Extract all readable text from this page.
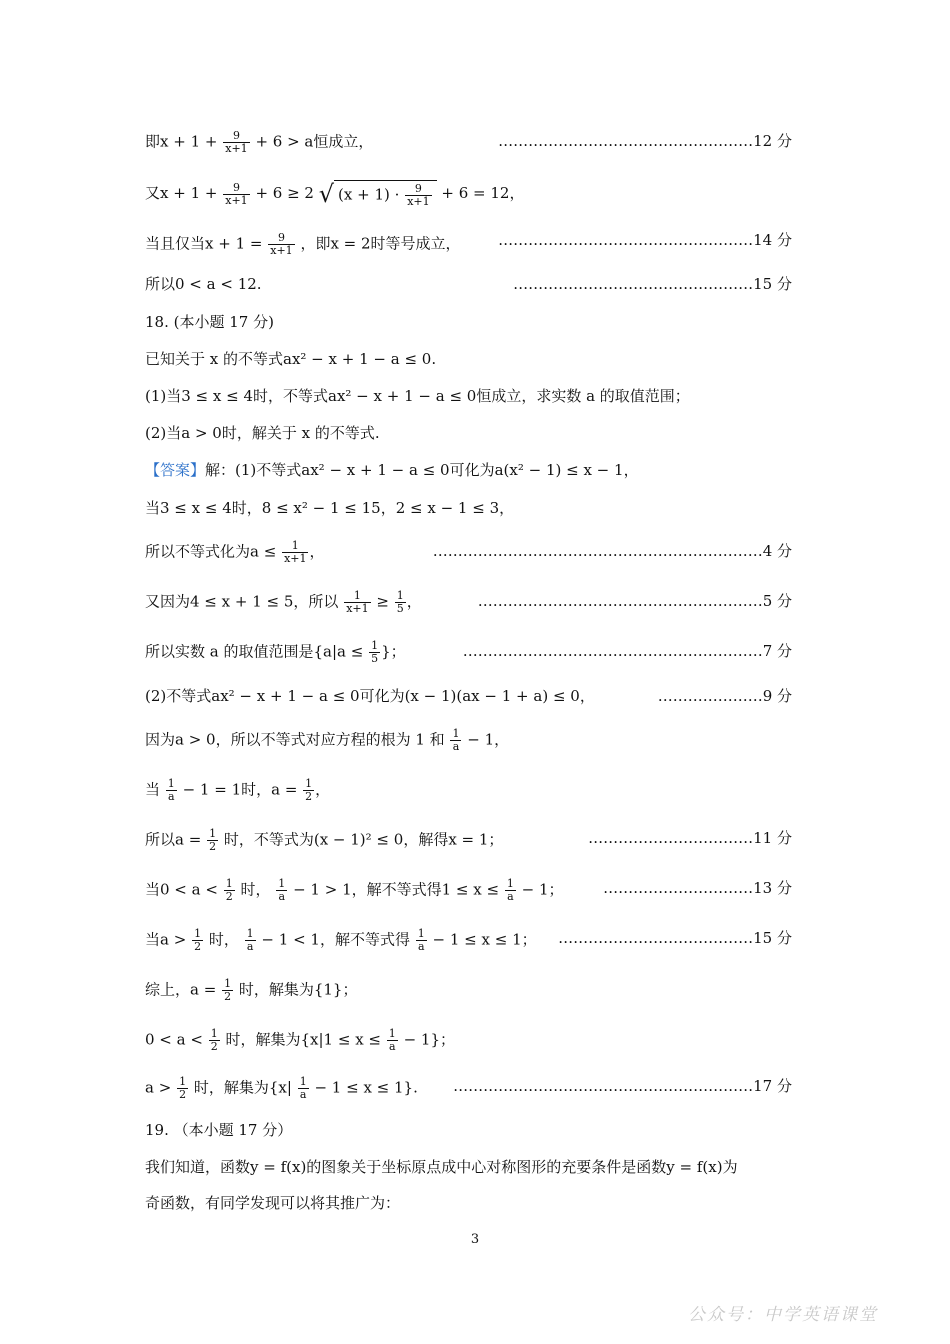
即$x + 1 + \frac{9}{x+1} + 6 > a$恒成立，	……………………………………………12 分
又$x + 1 + \frac{9}{x+1} + 6 \ge 2$ √ $(x + 1) \cdot \frac{9}{x+1} + 6 = 12$，
当且仅当$x + 1 = \frac{9}{x+1}$ ，即x = 2时等号成立，	……………………………………………14 分
所以0 < a < 12.	…………………………………………15 分
18. (本小题 17 分)
已知关于 x 的不等式ax² − x + 1 − a ≤ 0.
(1)当3 ≤ x ≤ 4时，不等式ax² − x + 1 − a ≤ 0恒成立，求实数 a 的取值范围；
(2)当a > 0时，解关于 x 的不等式.
【答案】解：(1)不等式ax² − x + 1 − a ≤ 0可化为a(x² − 1) ≤ x − 1，
当3 ≤ x ≤ 4时，8 ≤ x² − 1 ≤ 15，2 ≤ x − 1 ≤ 3，
所以不等式化为$a \le \frac{1}{x+1}$ ，	…………………………………………………………4 分
又因为4 ≤ x + 1 ≤ 5，所以 $\frac{1}{x+1} \ge \frac{1}{5}$ ，	…………………………………………………5 分
所以实数 a 的取值范围是{$a|a \le \frac{1}{5}$ }；	……………………………………………………7 分
(2)不等式ax² − x + 1 − a ≤ 0可化为(x − 1)(ax − 1 + a) ≤ 0，	…………………9 分
因为a > 0，所以不等式对应方程的根为 1 和 $\frac{1}{a} - 1$，
当 $\frac{1}{a} - 1 = 1$时，$a = \frac{1}{2}$ ，
所以$a = \frac{1}{2}$ 时，不等式为(x − 1)² ≤ 0，解得x = 1；	……………………………11 分
当$0 < a < \frac{1}{2}$ 时， $\frac{1}{a} - 1 > 1$，解不等式得$1 \le x \le \frac{1}{a} - 1$；	…………………………13 分
当$a > \frac{1}{2}$ 时， $\frac{1}{a} - 1 < 1$，解不等式得 $\frac{1}{a} - 1 \le x \le 1$； …………………………………15 分
综上，$a = \frac{1}{2}$ 时，解集为{1}；
$0 < a < \frac{1}{2}$ 时，解集为$\{x|1 \le x \le \frac{1}{a} - 1\}$；
$a > \frac{1}{2}$ 时，解集为$\{x| \frac{1}{a} - 1 \le x \le 1\}$. ……………………………………………………17 分
19. （本小题 17 分）
我们知道，函数y = f(x)的图象关于坐标原点成中心对称图形的充要条件是函数y = f(x)为
奇函数，有同学发现可以将其推广为：
3
公众号：中学英语课堂
